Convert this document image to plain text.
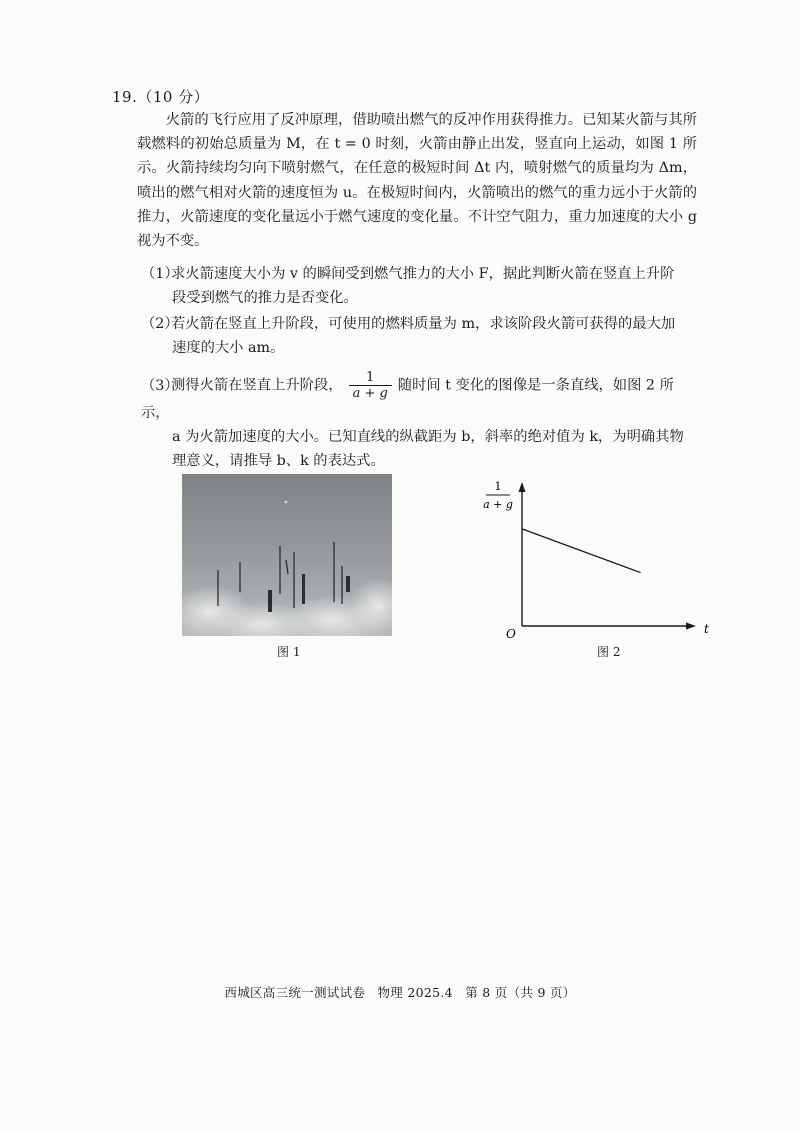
19.（10 分）
火箭的飞行应用了反冲原理，借助喷出燃气的反冲作用获得推力。已知某火箭与其所载燃料的初始总质量为 M，在 t = 0 时刻，火箭由静止出发，竖直向上运动，如图 1 所示。火箭持续均匀向下喷射燃气，在任意的极短时间 Δt 内，喷射燃气的质量均为 Δm，喷出的燃气相对火箭的速度恒为 u。在极短时间内，火箭喷出的燃气的重力远小于火箭的推力，火箭速度的变化量远小于燃气速度的变化量。不计空气阻力，重力加速度的大小 g 视为不变。
（1）求火箭速度大小为 v 的瞬间受到燃气推力的大小 F，据此判断火箭在竖直上升阶
段受到燃气的推力是否变化。
（2）若火箭在竖直上升阶段，可使用的燃料质量为 m，求该阶段火箭可获得的最大加
速度的大小 am。
（3）测得火箭在竖直上升阶段， $\frac{1}{a + g}$ 随时间 t 变化的图像是一条直线，如图 2 所示，
a 为火箭加速度的大小。已知直线的纵截距为 b，斜率的绝对值为 k，为明确其物
理意义，请推导 b、k 的表达式。
图 1
1
a + g
t
O
图 2
西城区高三统一测试试卷 物理 2025.4 第 8 页（共 9 页）
